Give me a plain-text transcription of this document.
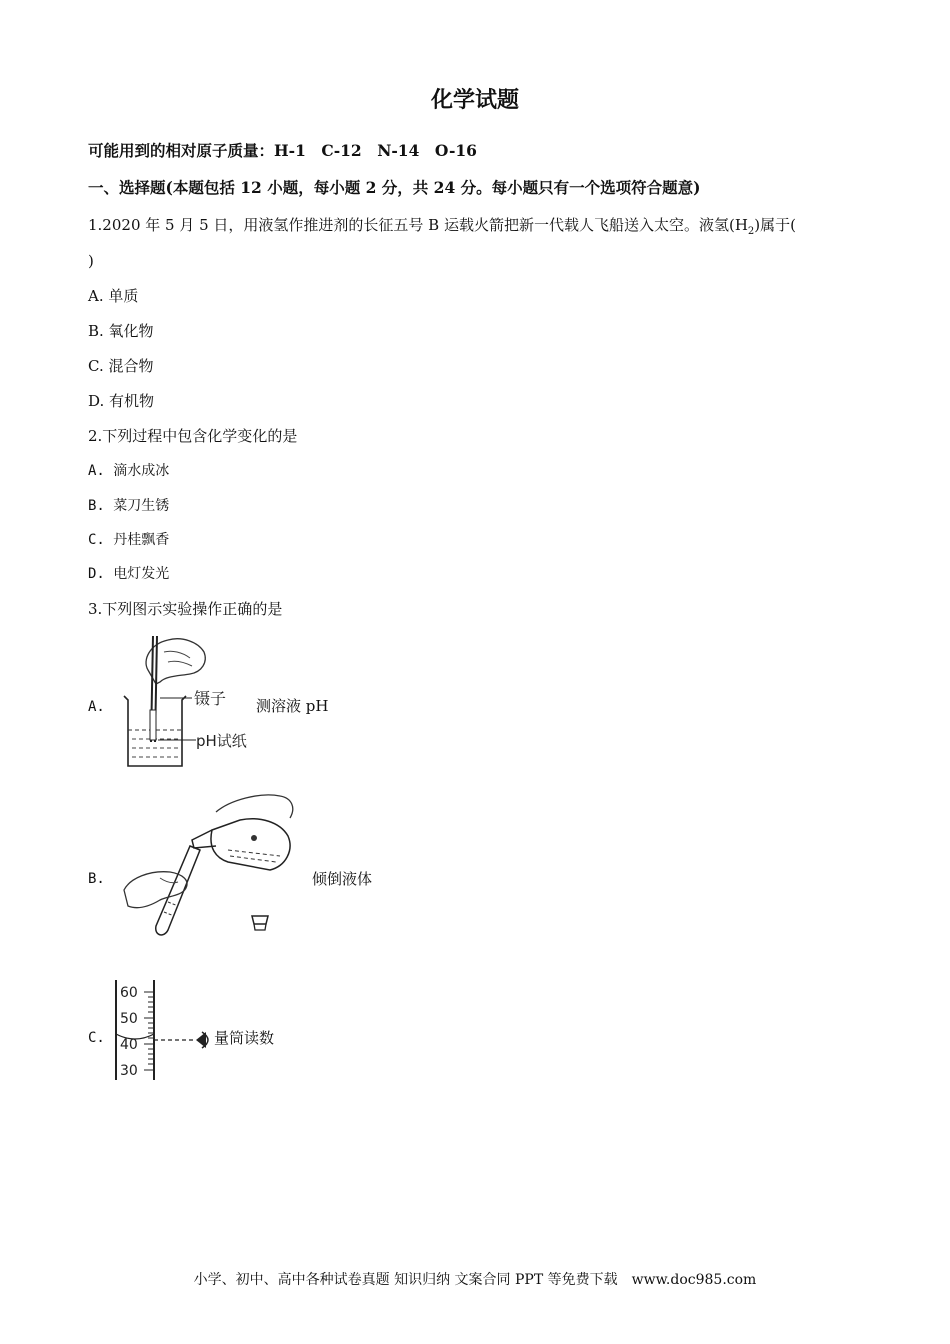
化学试题
可能用到的相对原子质量：H-1　C-12　N-14　O-16
一、选择题(本题包括 12 小题，每小题 2 分，共 24 分。每小题只有一个选项符合题意)
1.2020 年 5 月 5 日，用液氢作推进剂的长征五号 B 运载火箭把新一代载人飞船送入太空。液氢$(H_2)$属于(
)
A. 单质
B. 氧化物
C. 混合物
D. 有机物
2.下列过程中包含化学变化的是
A. 滴水成冰
B. 菜刀生锈
C. 丹桂飘香
D. 电灯发光
3.下列图示实验操作正确的是
A.	镊子
pH试纸
测溶液 pH
B.	倾倒液体
C.
60
50
40
30
量筒读数
小学、初中、高中各种试卷真题 知识归纳 文案合同 PPT 等免费下载　www.doc985.com
